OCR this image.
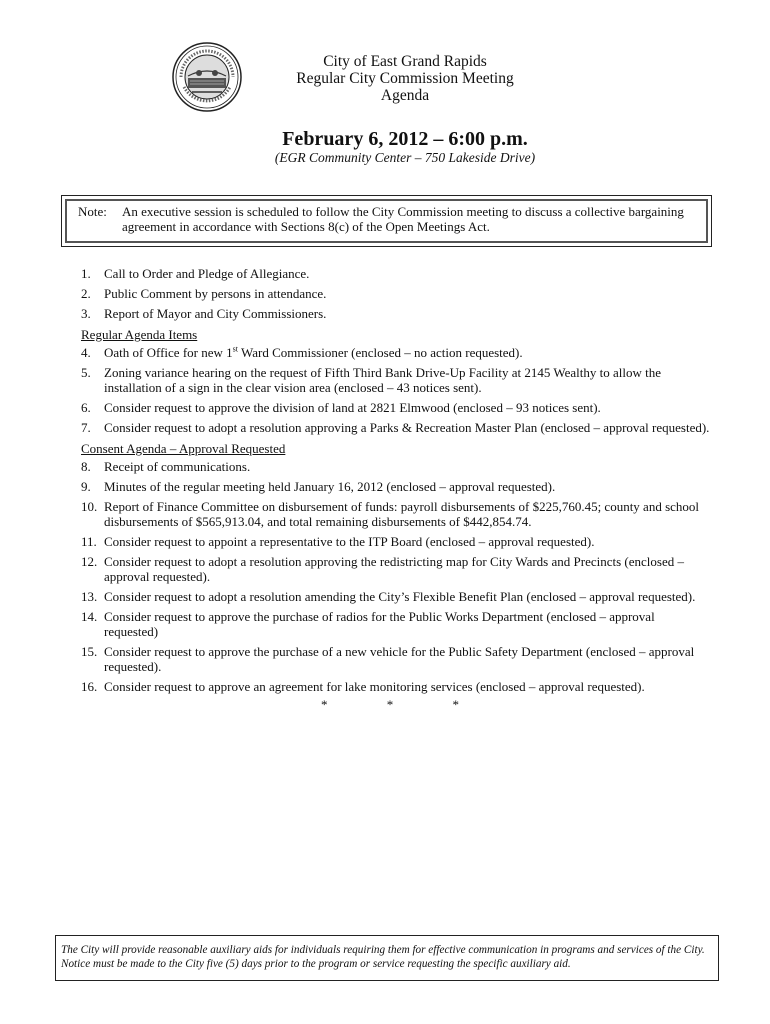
City of East Grand Rapids
Regular City Commission Meeting
Agenda
February 6, 2012 – 6:00 p.m.
(EGR Community Center – 750 Lakeside Drive)
Note: An executive session is scheduled to follow the City Commission meeting to discuss a collective bargaining agreement in accordance with Sections 8(c) of the Open Meetings Act.
1. Call to Order and Pledge of Allegiance.
2. Public Comment by persons in attendance.
3. Report of Mayor and City Commissioners.
Regular Agenda Items
4. Oath of Office for new 1st Ward Commissioner (enclosed – no action requested).
5. Zoning variance hearing on the request of Fifth Third Bank Drive-Up Facility at 2145 Wealthy to allow the installation of a sign in the clear vision area (enclosed – 43 notices sent).
6. Consider request to approve the division of land at 2821 Elmwood (enclosed – 93 notices sent).
7. Consider request to adopt a resolution approving a Parks & Recreation Master Plan (enclosed – approval requested).
Consent Agenda – Approval Requested
8. Receipt of communications.
9. Minutes of the regular meeting held January 16, 2012 (enclosed – approval requested).
10. Report of Finance Committee on disbursement of funds: payroll disbursements of $225,760.45; county and school disbursements of $565,913.04, and total remaining disbursements of $442,854.74.
11. Consider request to appoint a representative to the ITP Board (enclosed – approval requested).
12. Consider request to adopt a resolution approving the redistricting map for City Wards and Precincts (enclosed – approval requested).
13. Consider request to adopt a resolution amending the City’s Flexible Benefit Plan (enclosed – approval requested).
14. Consider request to approve the purchase of radios for the Public Works Department (enclosed – approval requested)
15. Consider request to approve the purchase of a new vehicle for the Public Safety Department (enclosed – approval requested).
16. Consider request to approve an agreement for lake monitoring services (enclosed – approval requested).
* * *
The City will provide reasonable auxiliary aids for individuals requiring them for effective communication in programs and services of the City. Notice must be made to the City five (5) days prior to the program or service requesting the specific auxiliary aid.
